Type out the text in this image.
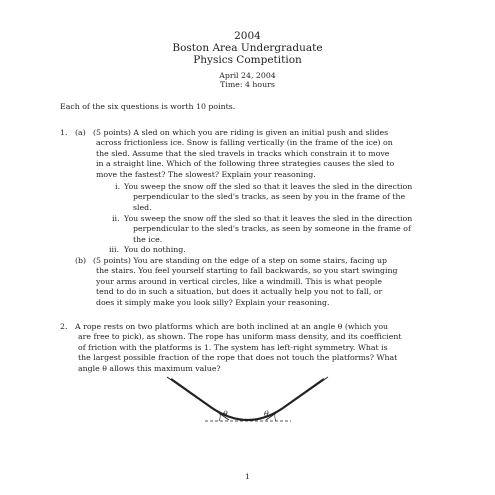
2004
Boston Area Undergraduate
Physics Competition
April 24, 2004
Time: 4 hours
Each of the six questions is worth 10 points.
1. (a) (5 points) A sled on which you are riding is given an initial push and slides
across frictionless ice. Snow is falling vertically (in the frame of the ice) on
the sled. Assume that the sled travels in tracks which constrain it to move
in a straight line. Which of the following three strategies causes the sled to
move the fastest? The slowest? Explain your reasoning.
i. You sweep the snow off the sled so that it leaves the sled in the direction
perpendicular to the sled's tracks, as seen by you in the frame of the
sled.
ii. You sweep the snow off the sled so that it leaves the sled in the direction
perpendicular to the sled's tracks, as seen by someone in the frame of
the ice.
iii. You do nothing.
(b) (5 points) You are standing on the edge of a step on some stairs, facing up
the stairs. You feel yourself starting to fall backwards, so you start swinging
your arms around in vertical circles, like a windmill. This is what people
tend to do in such a situation, but does it actually help you not to fall, or
does it simply make you look silly? Explain your reasoning.
2. A rope rests on two platforms which are both inclined at an angle θ (which you
are free to pick), as shown. The rope has uniform mass density, and its coefficient
of friction with the platforms is 1. The system has left-right symmetry. What is
the largest possible fraction of the rope that does not touch the platforms? What
angle θ allows this maximum value?
θ	θ
1
